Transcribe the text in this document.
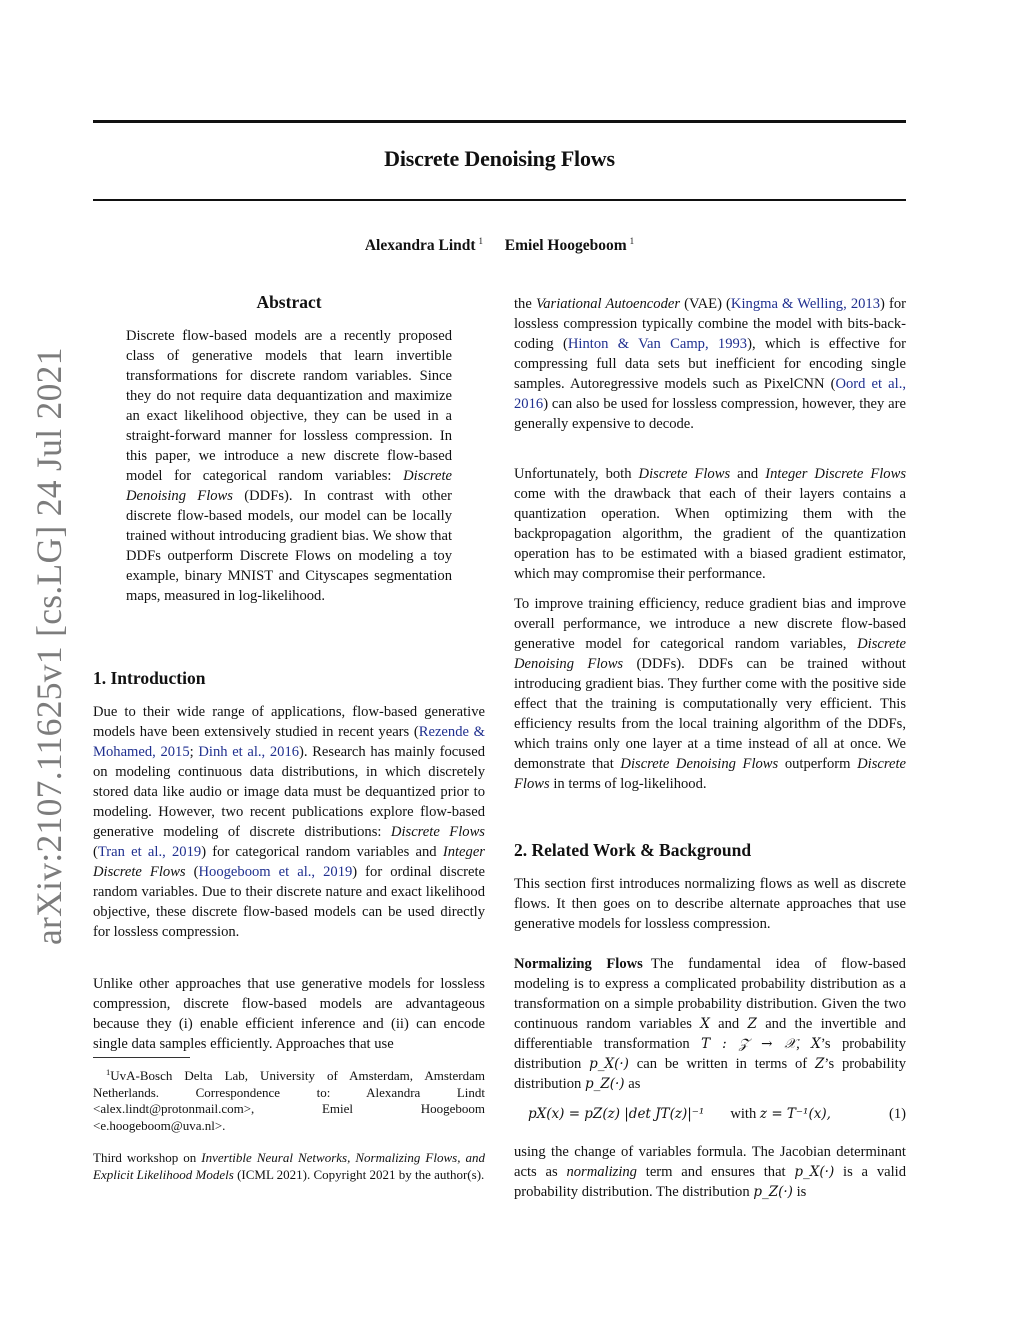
arXiv:2107.11625v1 [cs.LG] 24 Jul 2021
Discrete Denoising Flows
Alexandra Lindt $^1$ Emiel Hoogeboom $^1$
Abstract
Discrete flow-based models are a recently proposed class of generative models that learn invertible transformations for discrete random variables. Since they do not require data dequantization and maximize an exact likelihood objective, they can be used in a straight-forward manner for lossless compression. In this paper, we introduce a new discrete flow-based model for categorical random variables: Discrete Denoising Flows (DDFs). In contrast with other discrete flow-based models, our model can be locally trained without introducing gradient bias. We show that DDFs outperform Discrete Flows on modeling a toy example, binary MNIST and Cityscapes segmentation maps, measured in log-likelihood.
1. Introduction

Due to their wide range of applications, flow-based generative models have been extensively studied in recent years (Rezende & Mohamed, 2015; Dinh et al., 2016). Research has mainly focused on modeling continuous data distributions, in which discretely stored data like audio or image data must be dequantized prior to modeling. However, two recent publications explore flow-based generative modeling of discrete distributions: Discrete Flows (Tran et al., 2019) for categorical random variables and Integer Discrete Flows (Hoogeboom et al., 2019) for ordinal discrete random variables. Due to their discrete nature and exact likelihood objective, these discrete flow-based models can be used directly for lossless compression.

Unlike other approaches that use generative models for lossless compression, discrete flow-based models are advantageous because they (i) enable efficient inference and (ii) can encode single data samples efficiently. Approaches that use

$^1$UvA-Bosch Delta Lab, University of Amsterdam, Amsterdam Netherlands. Correspondence to: Alexandra Lindt <alex.lindt@protonmail.com>, Emiel Hoogeboom <e.hoogeboom@uva.nl>.
Third workshop on Invertible Neural Networks, Normalizing Flows, and Explicit Likelihood Models (ICML 2021). Copyright 2021 by the author(s).

the Variational Autoencoder (VAE) (Kingma & Welling, 2013) for lossless compression typically combine the model with bits-back-coding (Hinton & Van Camp, 1993), which is effective for compressing full data sets but inefficient for encoding single samples. Autoregressive models such as PixelCNN (Oord et al., 2016) can also be used for lossless compression, however, they are generally expensive to decode.

Unfortunately, both Discrete Flows and Integer Discrete Flows come with the drawback that each of their layers contains a quantization operation. When optimizing them with the backpropagation algorithm, the gradient of the quantization operation has to be estimated with a biased gradient estimator, which may compromise their performance.

To improve training efficiency, reduce gradient bias and improve overall performance, we introduce a new discrete flow-based generative model for categorical random variables, Discrete Denoising Flows (DDFs). DDFs can be trained without introducing gradient bias. They further come with the positive side effect that the training is computationally very efficient. This efficiency results from the local training algorithm of the DDFs, which trains only one layer at a time instead of all at once. We demonstrate that Discrete Denoising Flows outperform Discrete Flows in terms of log-likelihood.

2. Related Work & Background

This section first introduces normalizing flows as well as discrete flows. It then goes on to describe alternate approaches that use generative models for lossless compression.

Normalizing Flows The fundamental idea of flow-based modeling is to express a complicated probability distribution as a transformation on a simple probability distribution. Given the two continuous random variables X and Z and the invertible and differentiable transformation T : 𝒵 → 𝒳, X’s probability distribution p_X(·) can be written in terms of Z’s probability distribution p_Z(·) as

pX(x) = pZ(z) |det JT(z)|⁻¹ with
z = T⁻¹(x),	(1)

using the change of variables formula. The Jacobian determinant acts as normalizing term and ensures that p_X(·) is a valid probability distribution. The distribution p_Z(·) is
